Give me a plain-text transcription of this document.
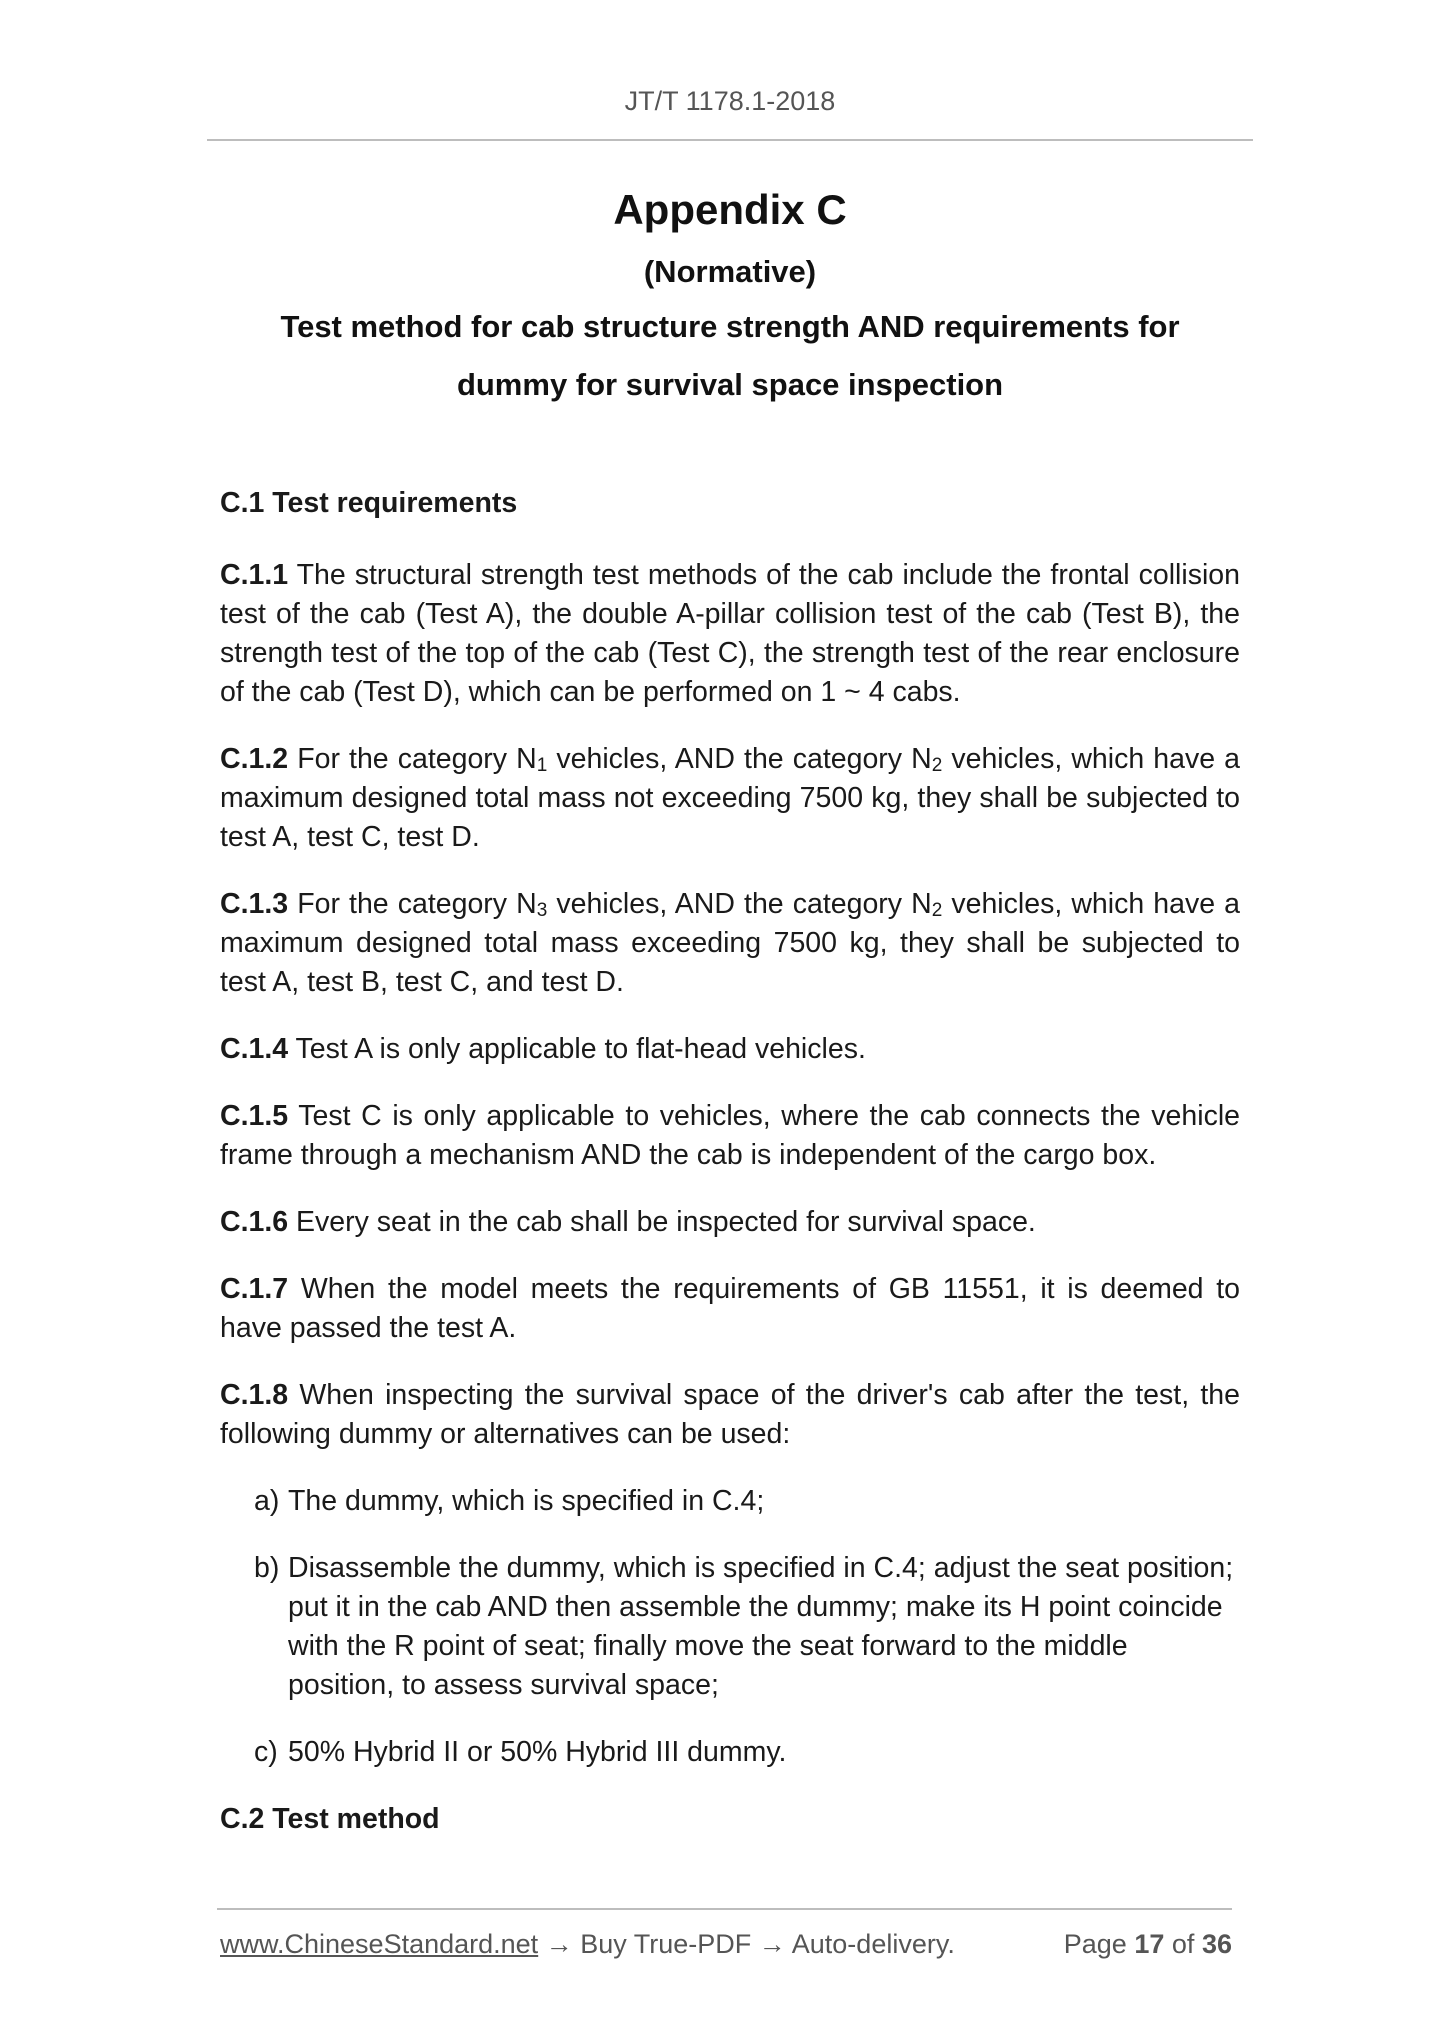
JT/T 1178.1-2018
Appendix C
(Normative)
Test method for cab structure strength AND requirements for
dummy for survival space inspection
C.1 Test requirements

C.1.1 The structural strength test methods of the cab include the frontal collision test of the cab (Test A), the double A-pillar collision test of the cab (Test B), the strength test of the top of the cab (Test C), the strength test of the rear enclosure of the cab (Test D), which can be performed on 1 ~ 4 cabs.

C.1.2 For the category $N_1$ vehicles, AND the category $N_2$ vehicles, which have a maximum designed total mass not exceeding 7500 kg, they shall be subjected to test A, test C, test D.

C.1.3 For the category $N_3$ vehicles, AND the category $N_2$ vehicles, which have a maximum designed total mass exceeding 7500 kg, they shall be subjected to test A, test B, test C, and test D.

C.1.4 Test A is only applicable to flat-head vehicles.

C.1.5 Test C is only applicable to vehicles, where the cab connects the vehicle frame through a mechanism AND the cab is independent of the cargo box.

C.1.6 Every seat in the cab shall be inspected for survival space.

C.1.7 When the model meets the requirements of GB 11551, it is deemed to have passed the test A.

C.1.8 When inspecting the survival space of the driver's cab after the test, the following dummy or alternatives can be used:

a) The dummy, which is specified in C.4;
b) Disassemble the dummy, which is specified in C.4; adjust the seat position; put it in the cab AND then assemble the dummy; make its H point coincide with the R point of seat; finally move the seat forward to the middle position, to assess survival space;
c) 50% Hybrid II or 50% Hybrid III dummy.
C.2 Test method
www.ChineseStandard.net → Buy True-PDF → Auto-delivery.	Page 17 of 36
